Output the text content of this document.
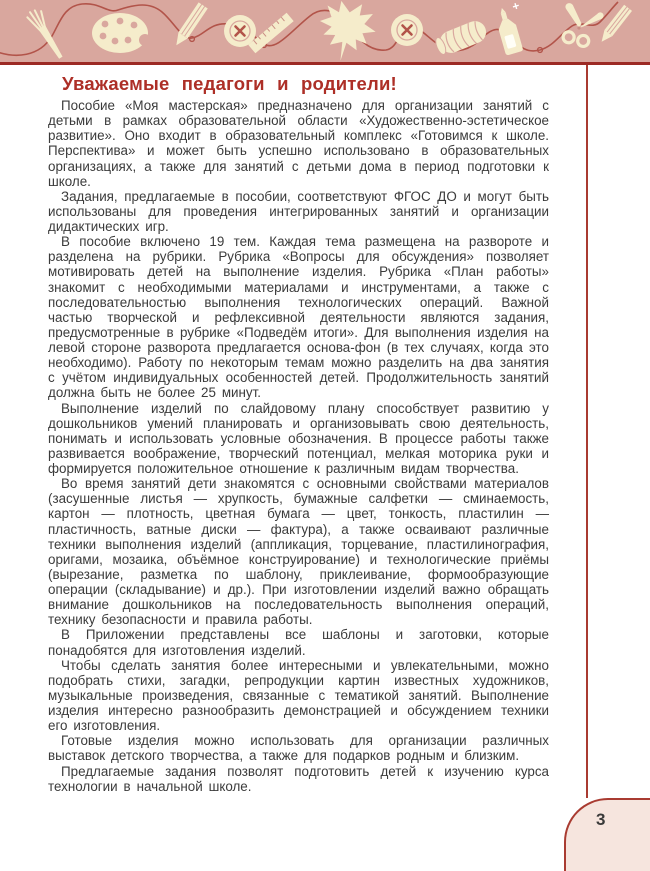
Уважаемые педагоги и родители!

Пособие «Моя мастерская» предназначено для организации занятий с детьми в рамках образовательной области «Художественно-эстетическое развитие». Оно входит в образовательный комплекс «Готовимся к школе. Перспектива» и может быть успешно использовано в образовательных организациях, а также для занятий с детьми дома в период подготовки к школе.

Задания, предлагаемые в пособии, соответствуют ФГОС ДО и могут быть использованы для проведения интегрированных занятий и организации дидактических игр.

В пособие включено 19 тем. Каждая тема размещена на развороте и разделена на рубрики. Рубрика «Вопросы для обсуждения» позволяет мотивировать детей на выполнение изделия. Рубрика «План работы» знакомит с необходимыми материалами и инструментами, а также с последовательностью выполнения технологических операций. Важной частью творческой и рефлексивной деятельности являются задания, предусмотренные в рубрике «Подведём итоги». Для выполнения изделия на левой стороне разворота предлагается основа-фон (в тех случаях, когда это необходимо). Работу по некоторым темам можно разделить на два занятия с учётом индивидуальных особенностей детей. Продолжительность занятий должна быть не более 25 минут.

Выполнение изделий по слайдовому плану способствует развитию у дошкольников умений планировать и организовывать свою деятельность, понимать и использовать условные обозначения. В процессе работы также развивается воображение, творческий потенциал, мелкая моторика руки и формируется положительное отношение к различным видам творчества.

Во время занятий дети знакомятся с основными свойствами материалов (засушенные листья — хрупкость, бумажные салфетки — сминаемость, картон — плотность, цветная бумага — цвет, тонкость, пластилин — пластичность, ватные диски — фактура), а также осваивают различные техники выполнения изделий (аппликация, торцевание, пластилинография, оригами, мозаика, объёмное конструирование) и технологические приёмы (вырезание, разметка по шаблону, приклеивание, формообразующие операции (складывание) и др.). При изготовлении изделий важно обращать внимание дошкольников на последовательность выполнения операций, технику безопасности и правила работы.

В Приложении представлены все шаблоны и заготовки, которые понадобятся для изготовления изделий.

Чтобы сделать занятия более интересными и увлекательными, можно подобрать стихи, загадки, репродукции картин известных художников, музыкальные произведения, связанные с тематикой занятий. Выполнение изделия интересно разнообразить демонстрацией и обсуждением техники его изготовления.

Готовые изделия можно использовать для организации различных выставок детского творчества, а также для подарков родным и близким.

Предлагаемые задания позволят подготовить детей к изучению курса технологии в начальной школе.

3
